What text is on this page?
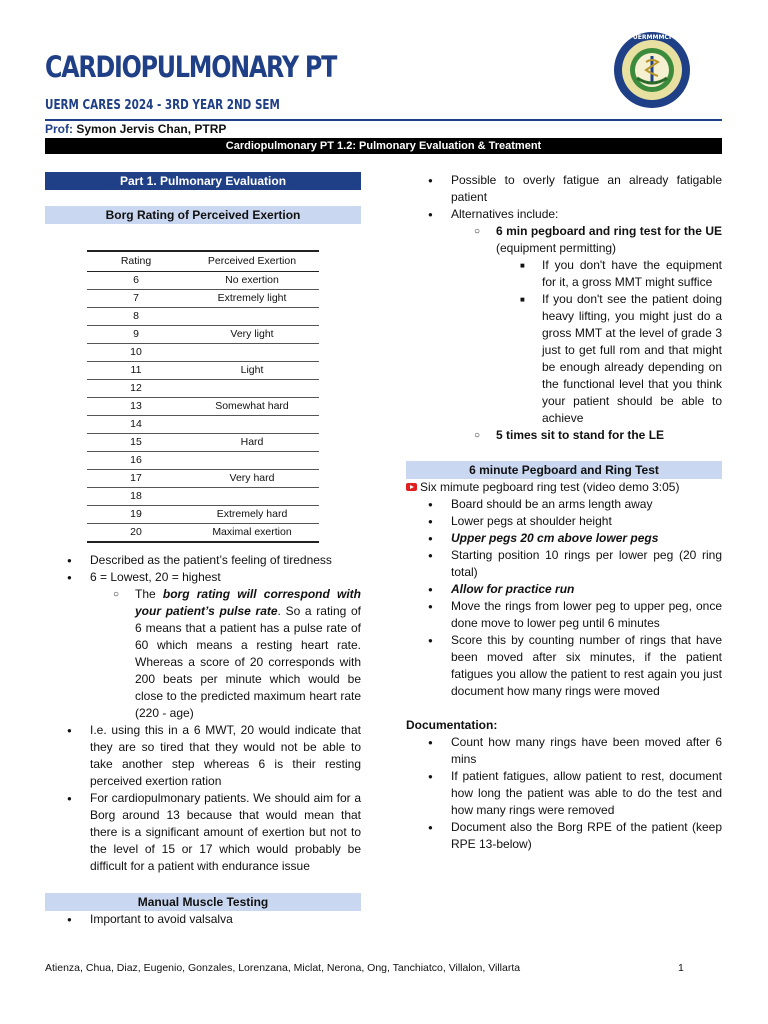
CARDIOPULMONARY PT
UERM CARES 2024 - 3RD YEAR 2ND SEM
UERMMMCI
Prof: Symon Jervis Chan, PTRP
Cardiopulmonary PT 1.2: Pulmonary Evaluation & Treatment
Part 1. Pulmonary Evaluation
Borg Rating of Perceived Exertion
Rating	Perceived Exertion
6	No exertion
7	Extremely light
8	
9	Very light
10	
11	Light
12	
13	Somewhat hard
14	
15	Hard
16	
17	Very hard
18	
19	Extremely hard
20	Maximal exertion
● Described as the patient’s feeling of tiredness
● 6 = Lowest, 20 = highest
○ The borg rating will correspond with your patient’s pulse rate. So a rating of 6 means that a patient has a pulse rate of 60 which means a resting heart rate. Whereas a score of 20 corresponds with 200 beats per minute which would be close to the predicted maximum heart rate (220 - age)
● I.e. using this in a 6 MWT, 20 would indicate that they are so tired that they would not be able to take another step whereas 6 is their resting perceived exertion ration
● For cardiopulmonary patients. We should aim for a Borg around 13 because that would mean that there is a significant amount of exertion but not to the level of 15 or 17 which would probably be difficult for a patient with endurance issue
Manual Muscle Testing
● Important to avoid valsalva
● Possible to overly fatigue an already fatigable patient
● Alternatives include:
○ 6 min pegboard and ring test for the UE (equipment permitting)
■ If you don't have the equipment for it, a gross MMT might suffice
■ If you don't see the patient doing heavy lifting, you might just do a gross MMT at the level of grade 3 just to get full rom and that might be enough already depending on the functional level that you think your patient should be able to achieve
○ 5 times sit to stand for the LE
6 minute Pegboard and Ring Test
Six mimute pegboard ring test (video demo 3:05)
● Board should be an arms length away
● Lower pegs at shoulder height
● Upper pegs 20 cm above lower pegs
● Starting position 10 rings per lower peg (20 ring total)
● Allow for practice run
● Move the rings from lower peg to upper peg, once done move to lower peg until 6 minutes
● Score this by counting number of rings that have been moved after six minutes, if the patient fatigues you allow the patient to rest again you just document how many rings were moved
Documentation:
● Count how many rings have been moved after 6 mins
● If patient fatigues, allow patient to rest, document how long the patient was able to do the test and how many rings were removed
● Document also the Borg RPE of the patient (keep RPE 13-below)
Atienza, Chua, Diaz, Eugenio, Gonzales, Lorenzana, Miclat, Nerona, Ong, Tanchiatco, Villalon, Villarta	1
